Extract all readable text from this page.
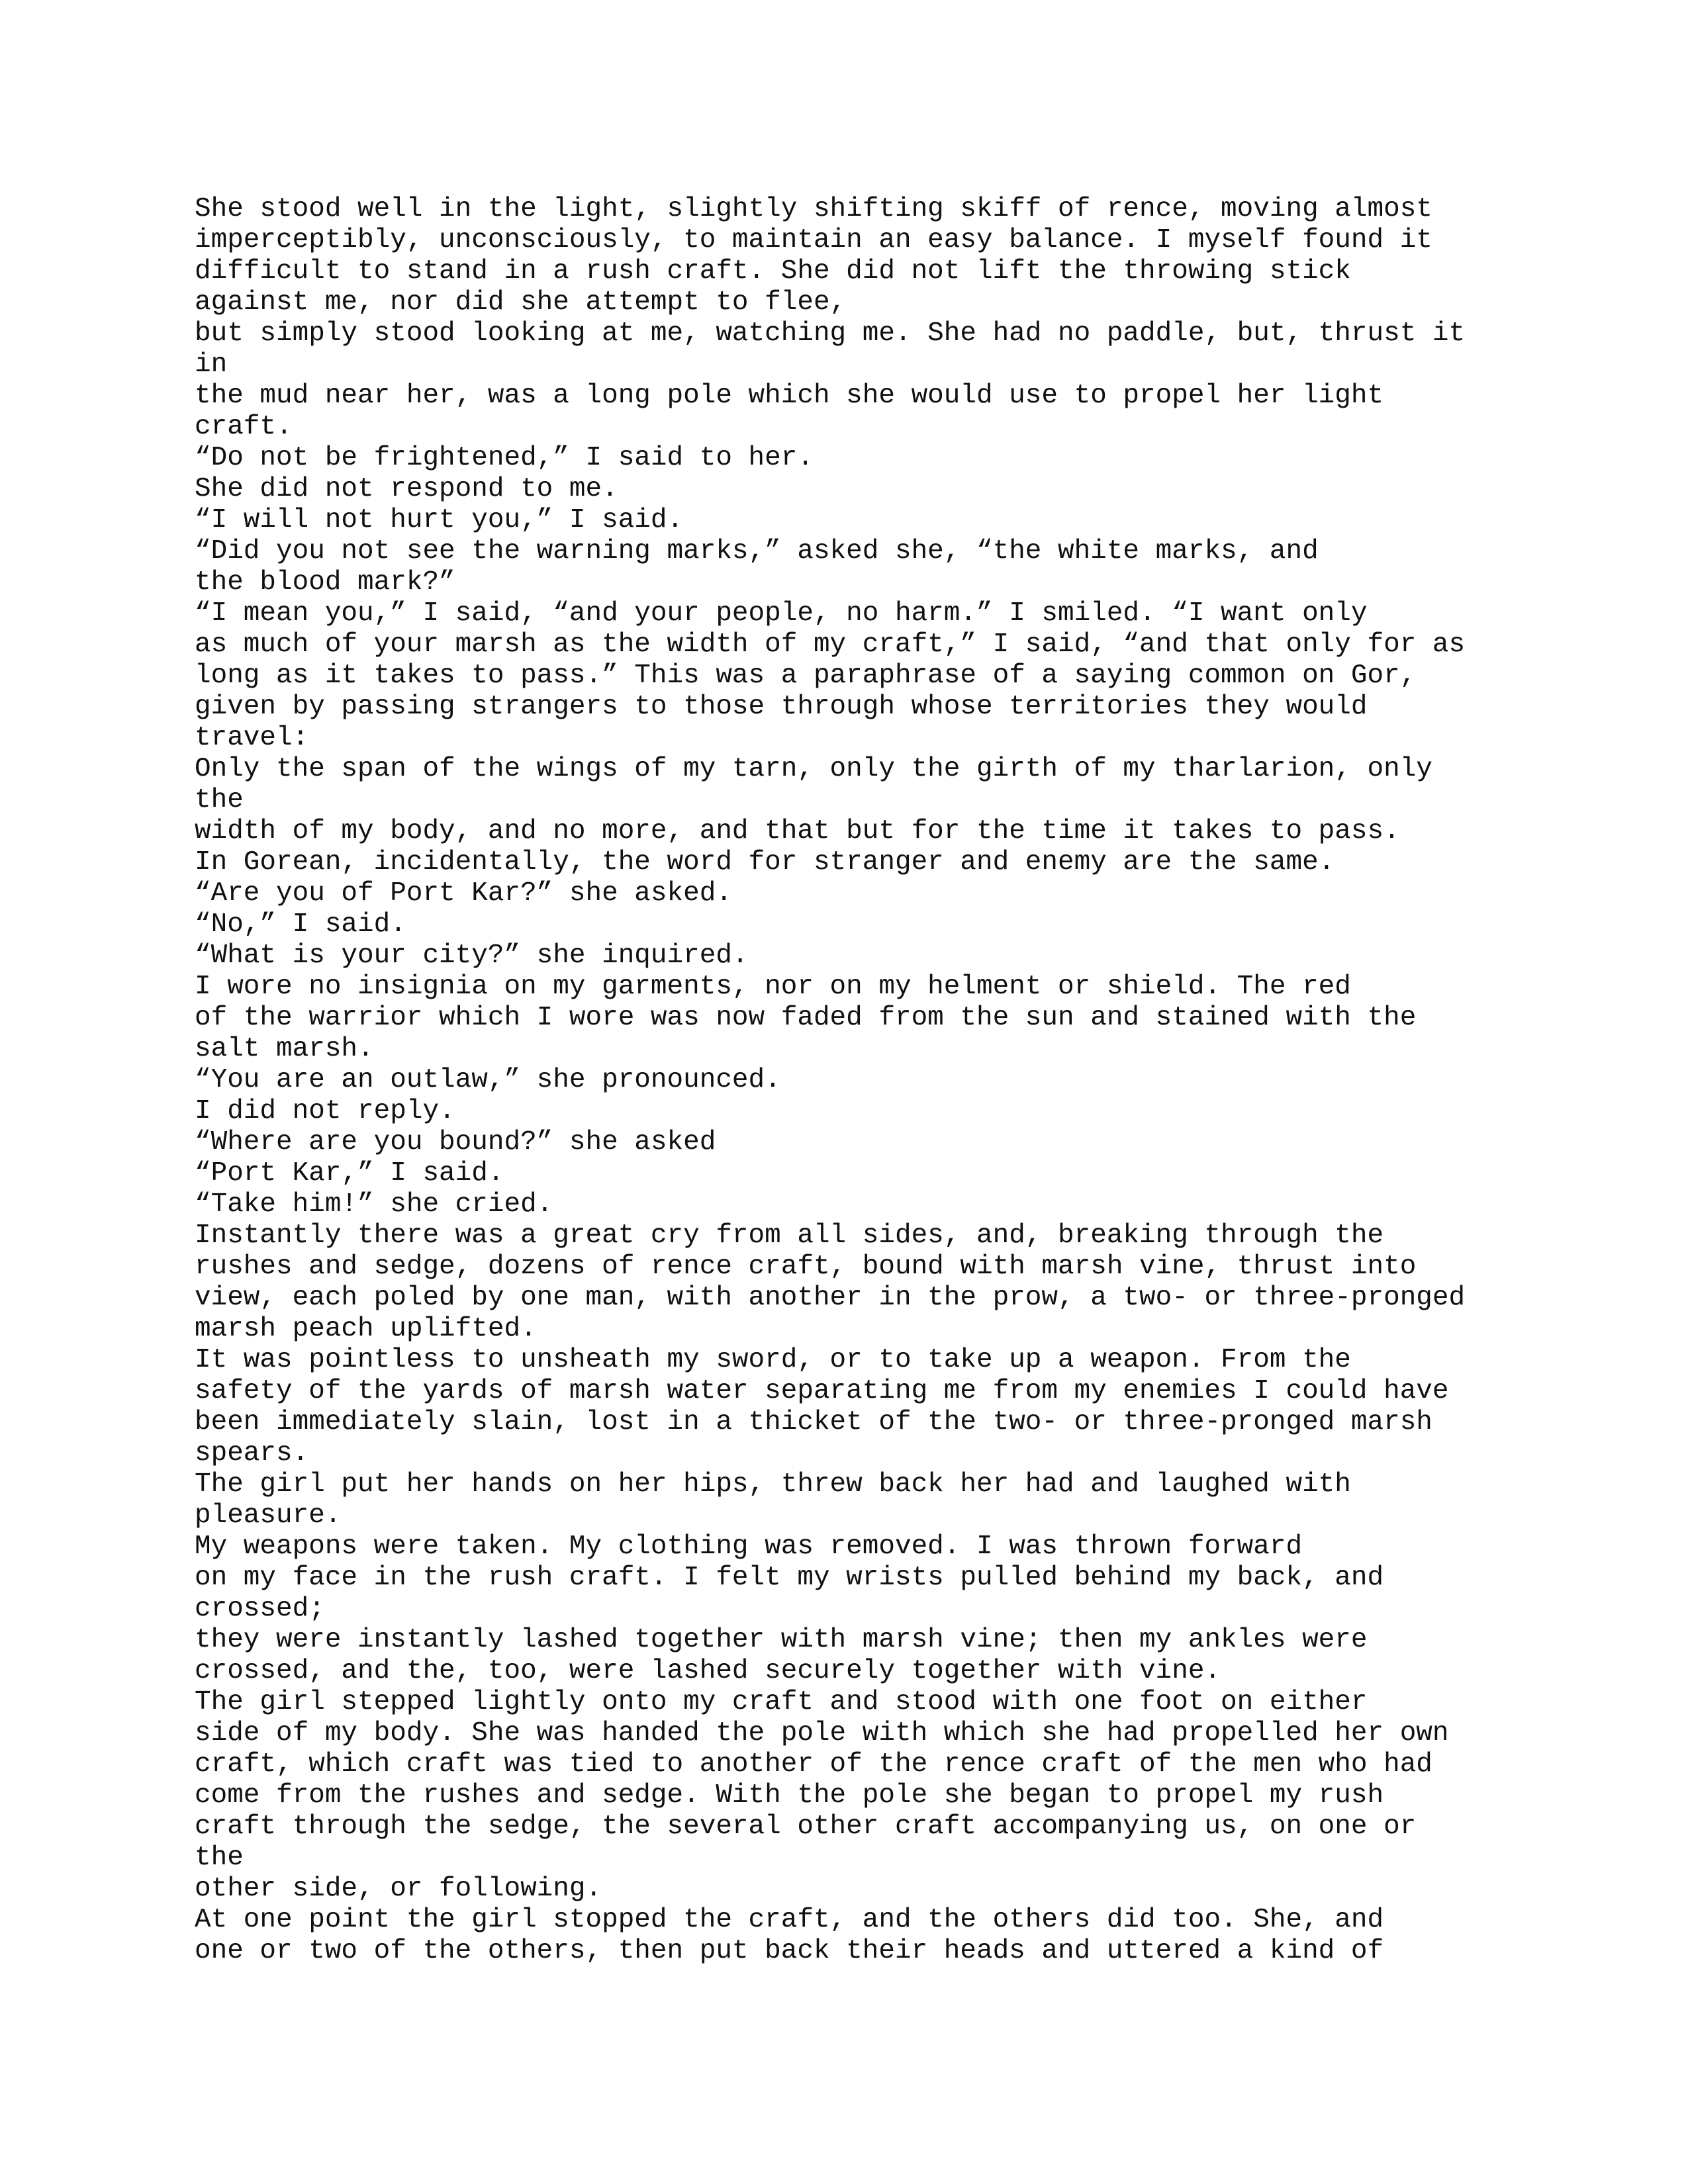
She stood well in the light, slightly shifting skiff of rence, moving almost
imperceptibly, unconsciously, to maintain an easy balance. I myself found it
difficult to stand in a rush craft. She did not lift the throwing stick
against me, nor did she attempt to flee,
but simply stood looking at me, watching me. She had no paddle, but, thrust it
in
the mud near her, was a long pole which she would use to propel her light
craft.
“Do not be frightened,” I said to her.
She did not respond to me.
“I will not hurt you,” I said.
“Did you not see the warning marks,” asked she, “the white marks, and
the blood mark?”
“I mean you,” I said, “and your people, no harm.” I smiled. “I want only
as much of your marsh as the width of my craft,” I said, “and that only for as
long as it takes to pass.” This was a paraphrase of a saying common on Gor,
given by passing strangers to those through whose territories they would
travel:
Only the span of the wings of my tarn, only the girth of my tharlarion, only
the
width of my body, and no more, and that but for the time it takes to pass.
In Gorean, incidentally, the word for stranger and enemy are the same.
“Are you of Port Kar?” she asked.
“No,” I said.
“What is your city?” she inquired.
I wore no insignia on my garments, nor on my helment or shield. The red
of the warrior which I wore was now faded from the sun and stained with the
salt marsh.
“You are an outlaw,” she pronounced.
I did not reply.
“Where are you bound?” she asked
“Port Kar,” I said.
“Take him!” she cried.
Instantly there was a great cry from all sides, and, breaking through the
rushes and sedge, dozens of rence craft, bound with marsh vine, thrust into
view, each poled by one man, with another in the prow, a two- or three-pronged
marsh peach uplifted.
It was pointless to unsheath my sword, or to take up a weapon. From the
safety of the yards of marsh water separating me from my enemies I could have
been immediately slain, lost in a thicket of the two- or three-pronged marsh
spears.
The girl put her hands on her hips, threw back her had and laughed with
pleasure.
My weapons were taken. My clothing was removed. I was thrown forward
on my face in the rush craft. I felt my wrists pulled behind my back, and
crossed;
they were instantly lashed together with marsh vine; then my ankles were
crossed, and the, too, were lashed securely together with vine.
The girl stepped lightly onto my craft and stood with one foot on either
side of my body. She was handed the pole with which she had propelled her own
craft, which craft was tied to another of the rence craft of the men who had
come from the rushes and sedge. With the pole she began to propel my rush
craft through the sedge, the several other craft accompanying us, on one or
the
other side, or following.
At one point the girl stopped the craft, and the others did too. She, and
one or two of the others, then put back their heads and uttered a kind of
